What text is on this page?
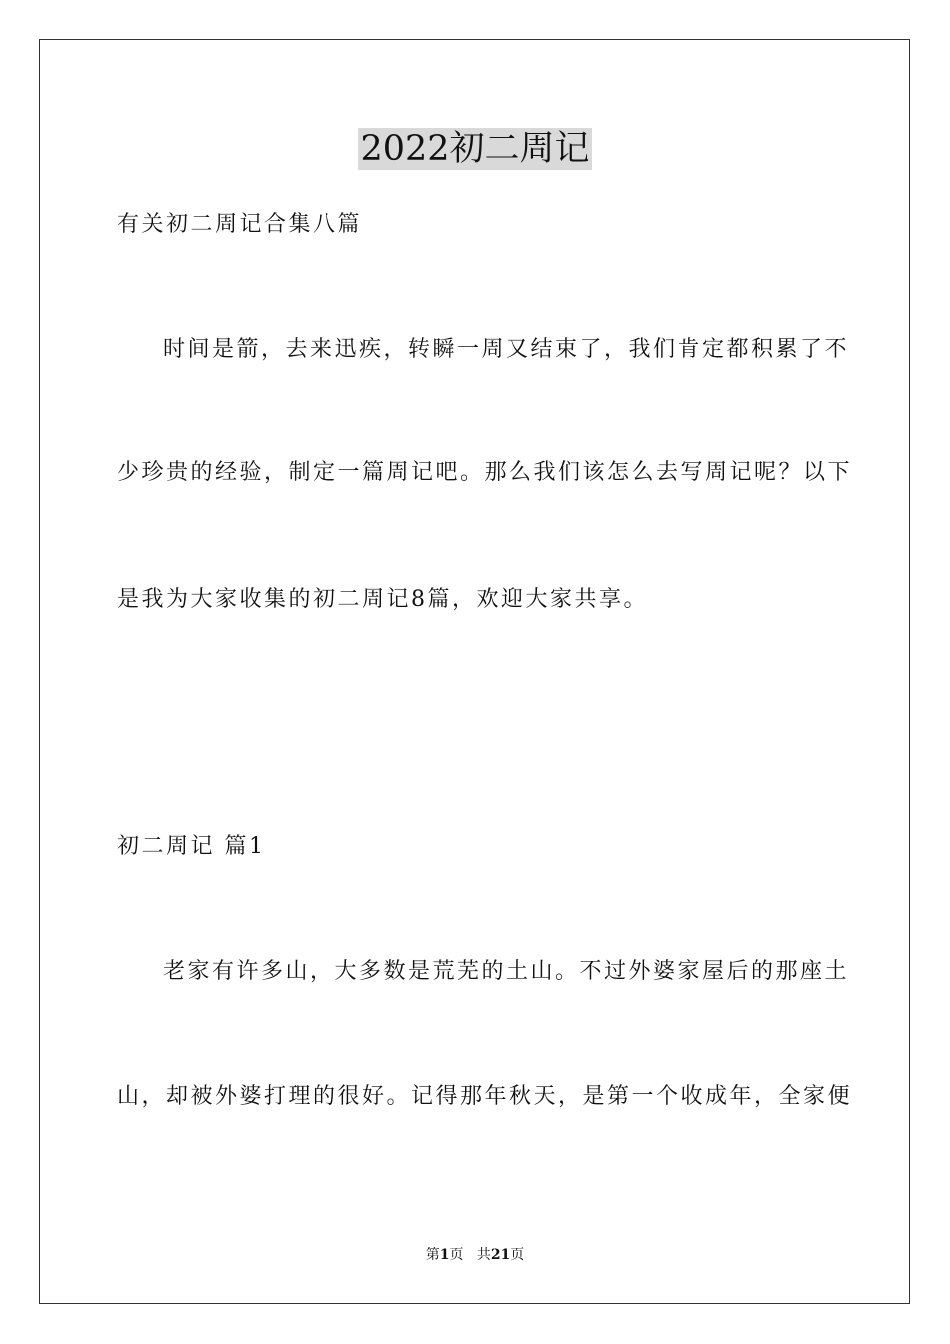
2022初二周记

有关初二周记合集八篇

时间是箭，去来迅疾，转瞬一周又结束了，我们肯定都积累了不

少珍贵的经验，制定一篇周记吧。那么我们该怎么去写周记呢？以下

是我为大家收集的初二周记8篇，欢迎大家共享。

初二周记 篇1

老家有许多山，大多数是荒芜的土山。不过外婆家屋后的那座土

山，却被外婆打理的很好。记得那年秋天，是第一个收成年，全家便

第1页 共21页
